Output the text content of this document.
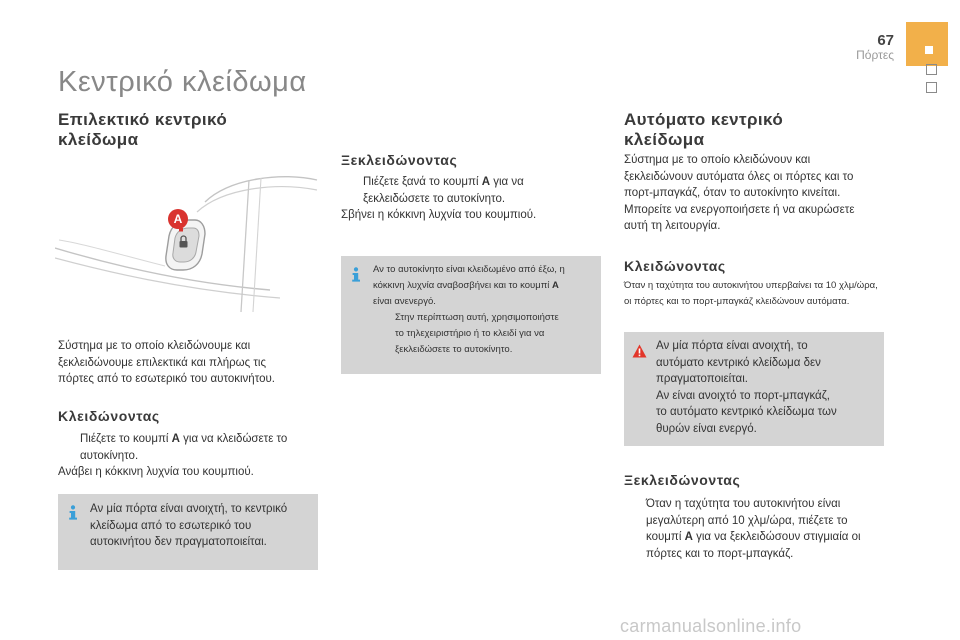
67
Πόρτες
Κεντρικό κλείδωμα
Επιλεκτικό κεντρικό
κλείδωμα
A
Σύστημα με το οποίο κλειδώνουμε και
ξεκλειδώνουμε επιλεκτικά και πλήρως τις
πόρτες από το εσωτερικό του αυτοκινήτου.
Κλειδώνοντας
Πιέζετε το κουμπί A για να κλειδώσετε το
αυτοκίνητο.
Ανάβει η κόκκινη λυχνία του κουμπιού.
Αν μία πόρτα είναι ανοιχτή, το κεντρικό
κλείδωμα από το εσωτερικό του
αυτοκινήτου δεν πραγματοποιείται.
Ξεκλειδώνοντας
Πιέζετε ξανά το κουμπί A για να
ξεκλειδώσετε το αυτοκίνητο.
Σβήνει η κόκκινη λυχνία του κουμπιού.
Αν το αυτοκίνητο είναι κλειδωμένο από έξω, η
κόκκινη λυχνία αναβοσβήνει και το κουμπί A
είναι ανενεργό.
Στην περίπτωση αυτή, χρησιμοποιήστε
το τηλεχειριστήριο ή το κλειδί για να
ξεκλειδώσετε το αυτοκίνητο.
Αυτόματο κεντρικό
κλείδωμα
Σύστημα με το οποίο κλειδώνουν και
ξεκλειδώνουν αυτόματα όλες οι πόρτες και το
πορτ-μπαγκάζ, όταν το αυτοκίνητο κινείται.
Μπορείτε να ενεργοποιήσετε ή να ακυρώσετε
αυτή τη λειτουργία.
Κλειδώνοντας
Όταν η ταχύτητα του αυτοκινήτου υπερβαίνει τα 10 χλμ/ώρα,
οι πόρτες και το πορτ-μπαγκάζ κλειδώνουν αυτόματα.
Αν μία πόρτα είναι ανοιχτή, το
αυτόματο κεντρικό κλείδωμα δεν
πραγματοποιείται.
Αν είναι ανοιχτό το πορτ-μπαγκάζ,
το αυτόματο κεντρικό κλείδωμα των
θυρών είναι ενεργό.
Ξεκλειδώνοντας
Όταν η ταχύτητα του αυτοκινήτου είναι
μεγαλύτερη από 10 χλμ/ώρα, πιέζετε το
κουμπί A για να ξεκλειδώσουν στιγμιαία οι
πόρτες και το πορτ-μπαγκάζ.
carmanualsonline.info
